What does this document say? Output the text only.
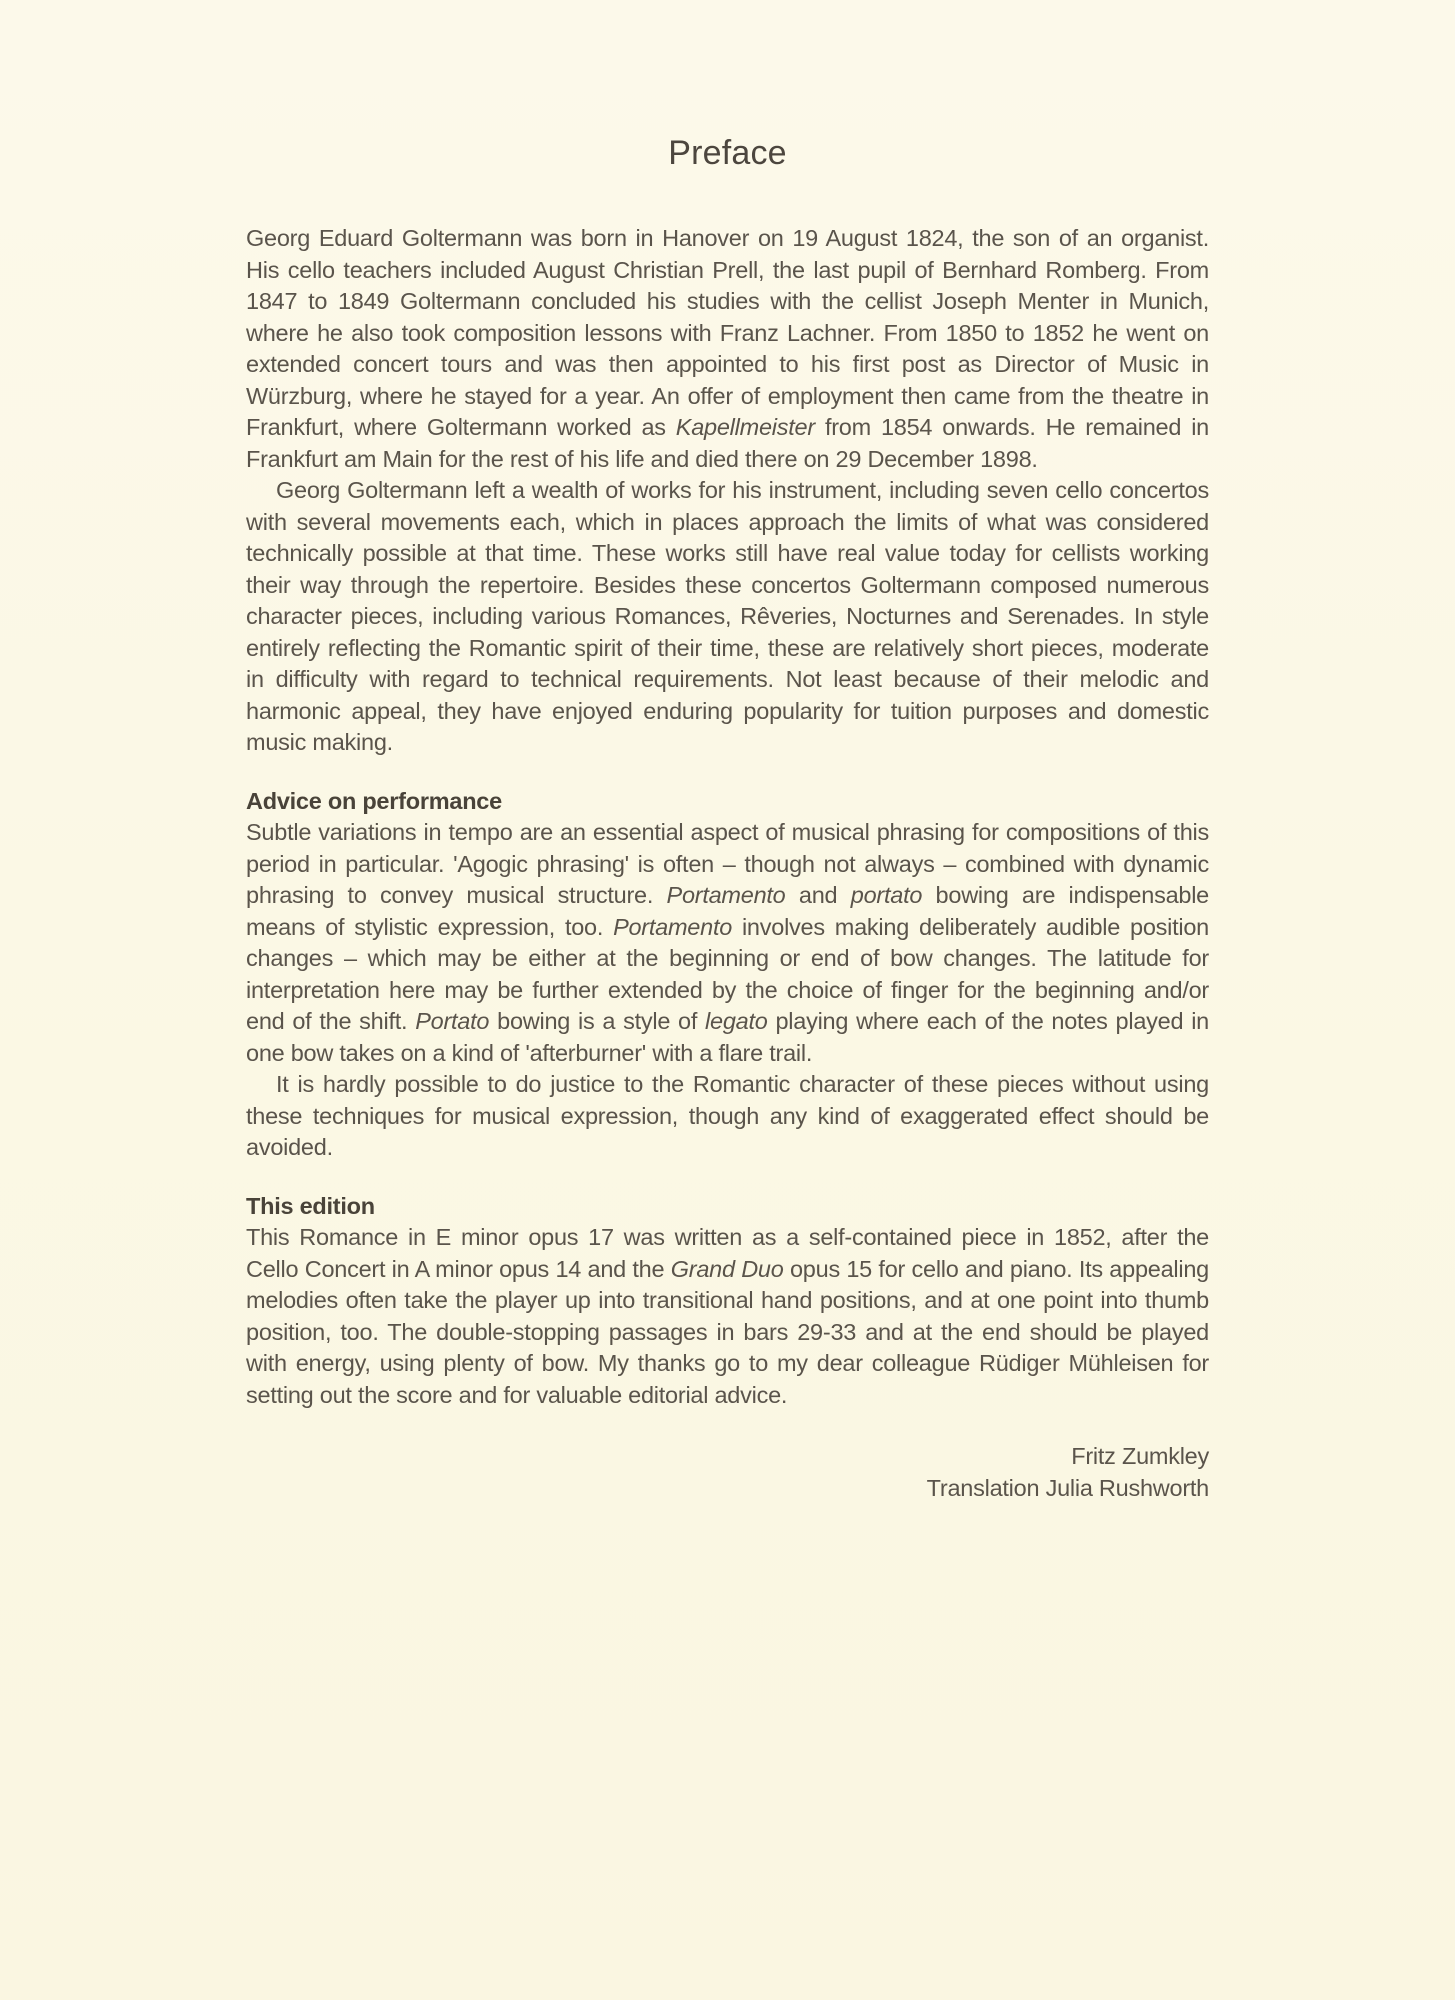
Preface

Georg Eduard Goltermann was born in Hanover on 19 August 1824, the son of an organist. His cello teachers included August Christian Prell, the last pupil of Bernhard Romberg. From 1847 to 1849 Goltermann concluded his studies with the cellist Joseph Menter in Munich, where he also took composition lessons with Franz Lachner. From 1850 to 1852 he went on extended concert tours and was then appointed to his first post as Director of Music in Würzburg, where he stayed for a year. An offer of employment then came from the theatre in Frankfurt, where Goltermann worked as Kapellmeister from 1854 onwards. He remained in Frankfurt am Main for the rest of his life and died there on 29 December 1898.

Georg Goltermann left a wealth of works for his instrument, including seven cello concertos with several movements each, which in places approach the limits of what was considered technically possible at that time. These works still have real value today for cellists working their way through the repertoire. Besides these concertos Goltermann composed numerous character pieces, including various Romances, Rêveries, Nocturnes and Serenades. In style entirely reflecting the Romantic spirit of their time, these are relatively short pieces, moderate in difficulty with regard to technical requirements. Not least because of their melodic and harmonic appeal, they have enjoyed enduring popularity for tuition purposes and domestic music making.

Advice on performance

Subtle variations in tempo are an essential aspect of musical phrasing for compositions of this period in particular. 'Agogic phrasing' is often – though not always – combined with dynamic phrasing to convey musical structure. Portamento and portato bowing are indispensable means of stylistic expression, too. Portamento involves making deliberately audible position changes – which may be either at the beginning or end of bow changes. The latitude for interpretation here may be further extended by the choice of finger for the beginning and/or end of the shift. Portato bowing is a style of legato playing where each of the notes played in one bow takes on a kind of 'afterburner' with a flare trail.

It is hardly possible to do justice to the Romantic character of these pieces without using these techniques for musical expression, though any kind of exaggerated effect should be avoided.

This edition

This Romance in E minor opus 17 was written as a self-contained piece in 1852, after the Cello Concert in A minor opus 14 and the Grand Duo opus 15 for cello and piano. Its appealing melodies often take the player up into transitional hand positions, and at one point into thumb position, too. The double-stopping passages in bars 29-33 and at the end should be played with energy, using plenty of bow. My thanks go to my dear colleague Rüdiger Mühleisen for setting out the score and for valuable editorial advice.

Fritz Zumkley
Translation Julia Rushworth
